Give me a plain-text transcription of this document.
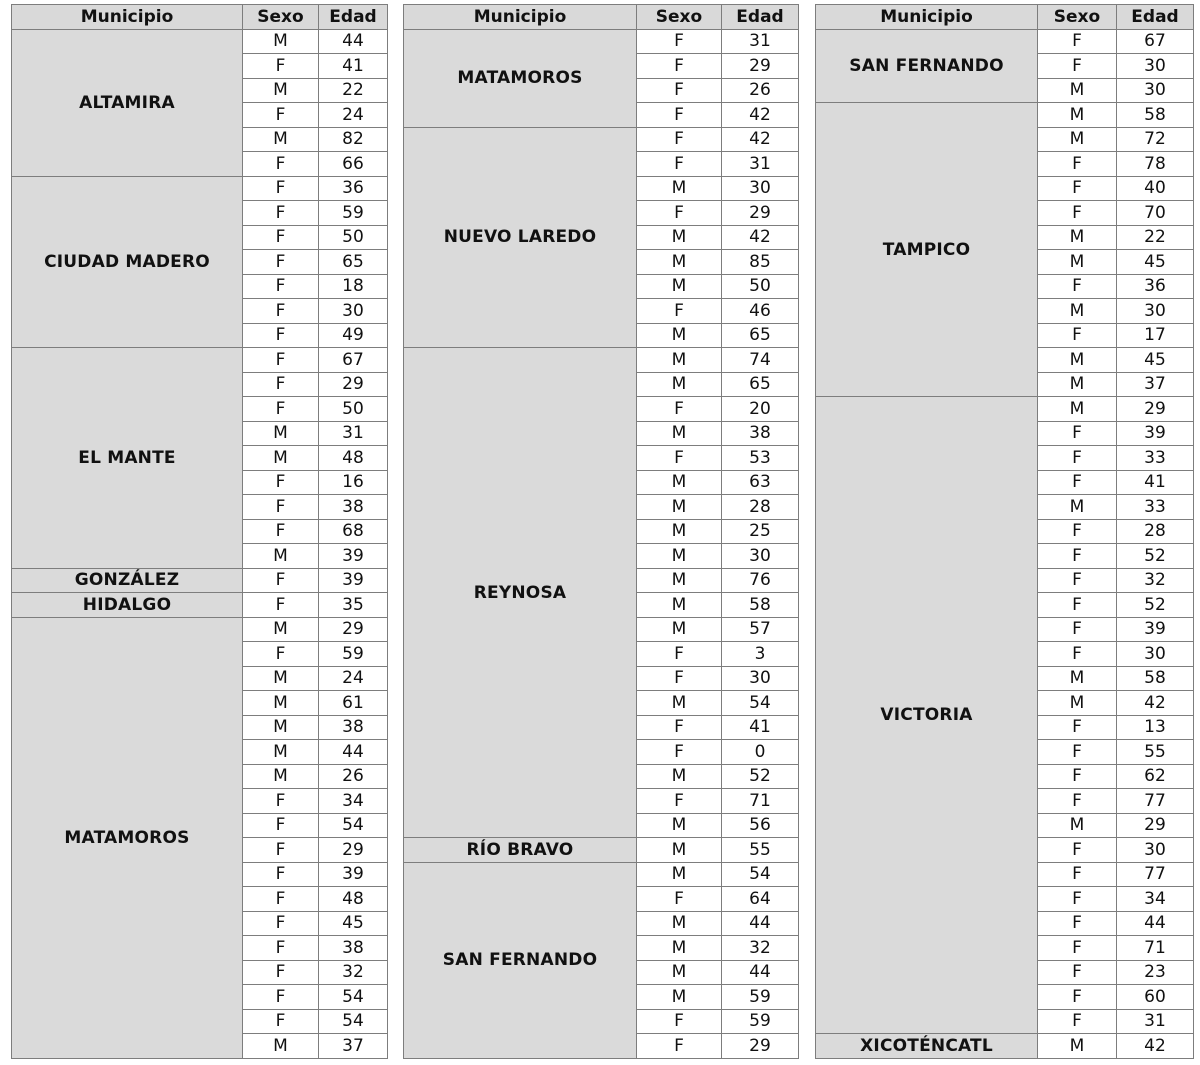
Municipio	Sexo	Edad
ALTAMIRA	M	44
	F	41
	M	22
	F	24
	M	82
	F	66
CIUDAD MADERO	F	36
	F	59
	F	50
	F	65
	F	18
	F	30
	F	49
EL MANTE	F	67
	F	29
	F	50
	M	31
	M	48
	F	16
	F	38
	F	68
	M	39
GONZÁLEZ	F	39
HIDALGO	F	35
MATAMOROS	M	29
	F	59
	M	24
	M	61
	M	38
	M	44
	M	26
	F	34
	F	54
	F	29
	F	39
	F	48
	F	45
	F	38
	F	32
	F	54
	F	54
	M	37
Municipio	Sexo	Edad
MATAMOROS	F	31
	F	29
	F	26
	F	42
NUEVO LAREDO	F	42
	F	31
	M	30
	F	29
	M	42
	M	85
	M	50
	F	46
	M	65
REYNOSA	M	74
	M	65
	F	20
	M	38
	F	53
	M	63
	M	28
	M	25
	M	30
	M	76
	M	58
	M	57
	F	3
	F	30
	M	54
	F	41
	F	0
	M	52
	F	71
	M	56
RÍO BRAVO	M	55
SAN FERNANDO	M	54
	F	64
	M	44
	M	32
	M	44
	M	59
	F	59
	F	29
Municipio	Sexo	Edad
SAN FERNANDO	F	67
	F	30
	M	30
TAMPICO	M	58
	M	72
	F	78
	F	40
	F	70
	M	22
	M	45
	F	36
	M	30
	F	17
	M	45
	M	37
VICTORIA	M	29
	F	39
	F	33
	F	41
	M	33
	F	28
	F	52
	F	32
	F	52
	F	39
	F	30
	M	58
	M	42
	F	13
	F	55
	F	62
	F	77
	M	29
	F	30
	F	77
	F	34
	F	44
	F	71
	F	23
	F	60
	F	31
XICOTÉNCATL	M	42
